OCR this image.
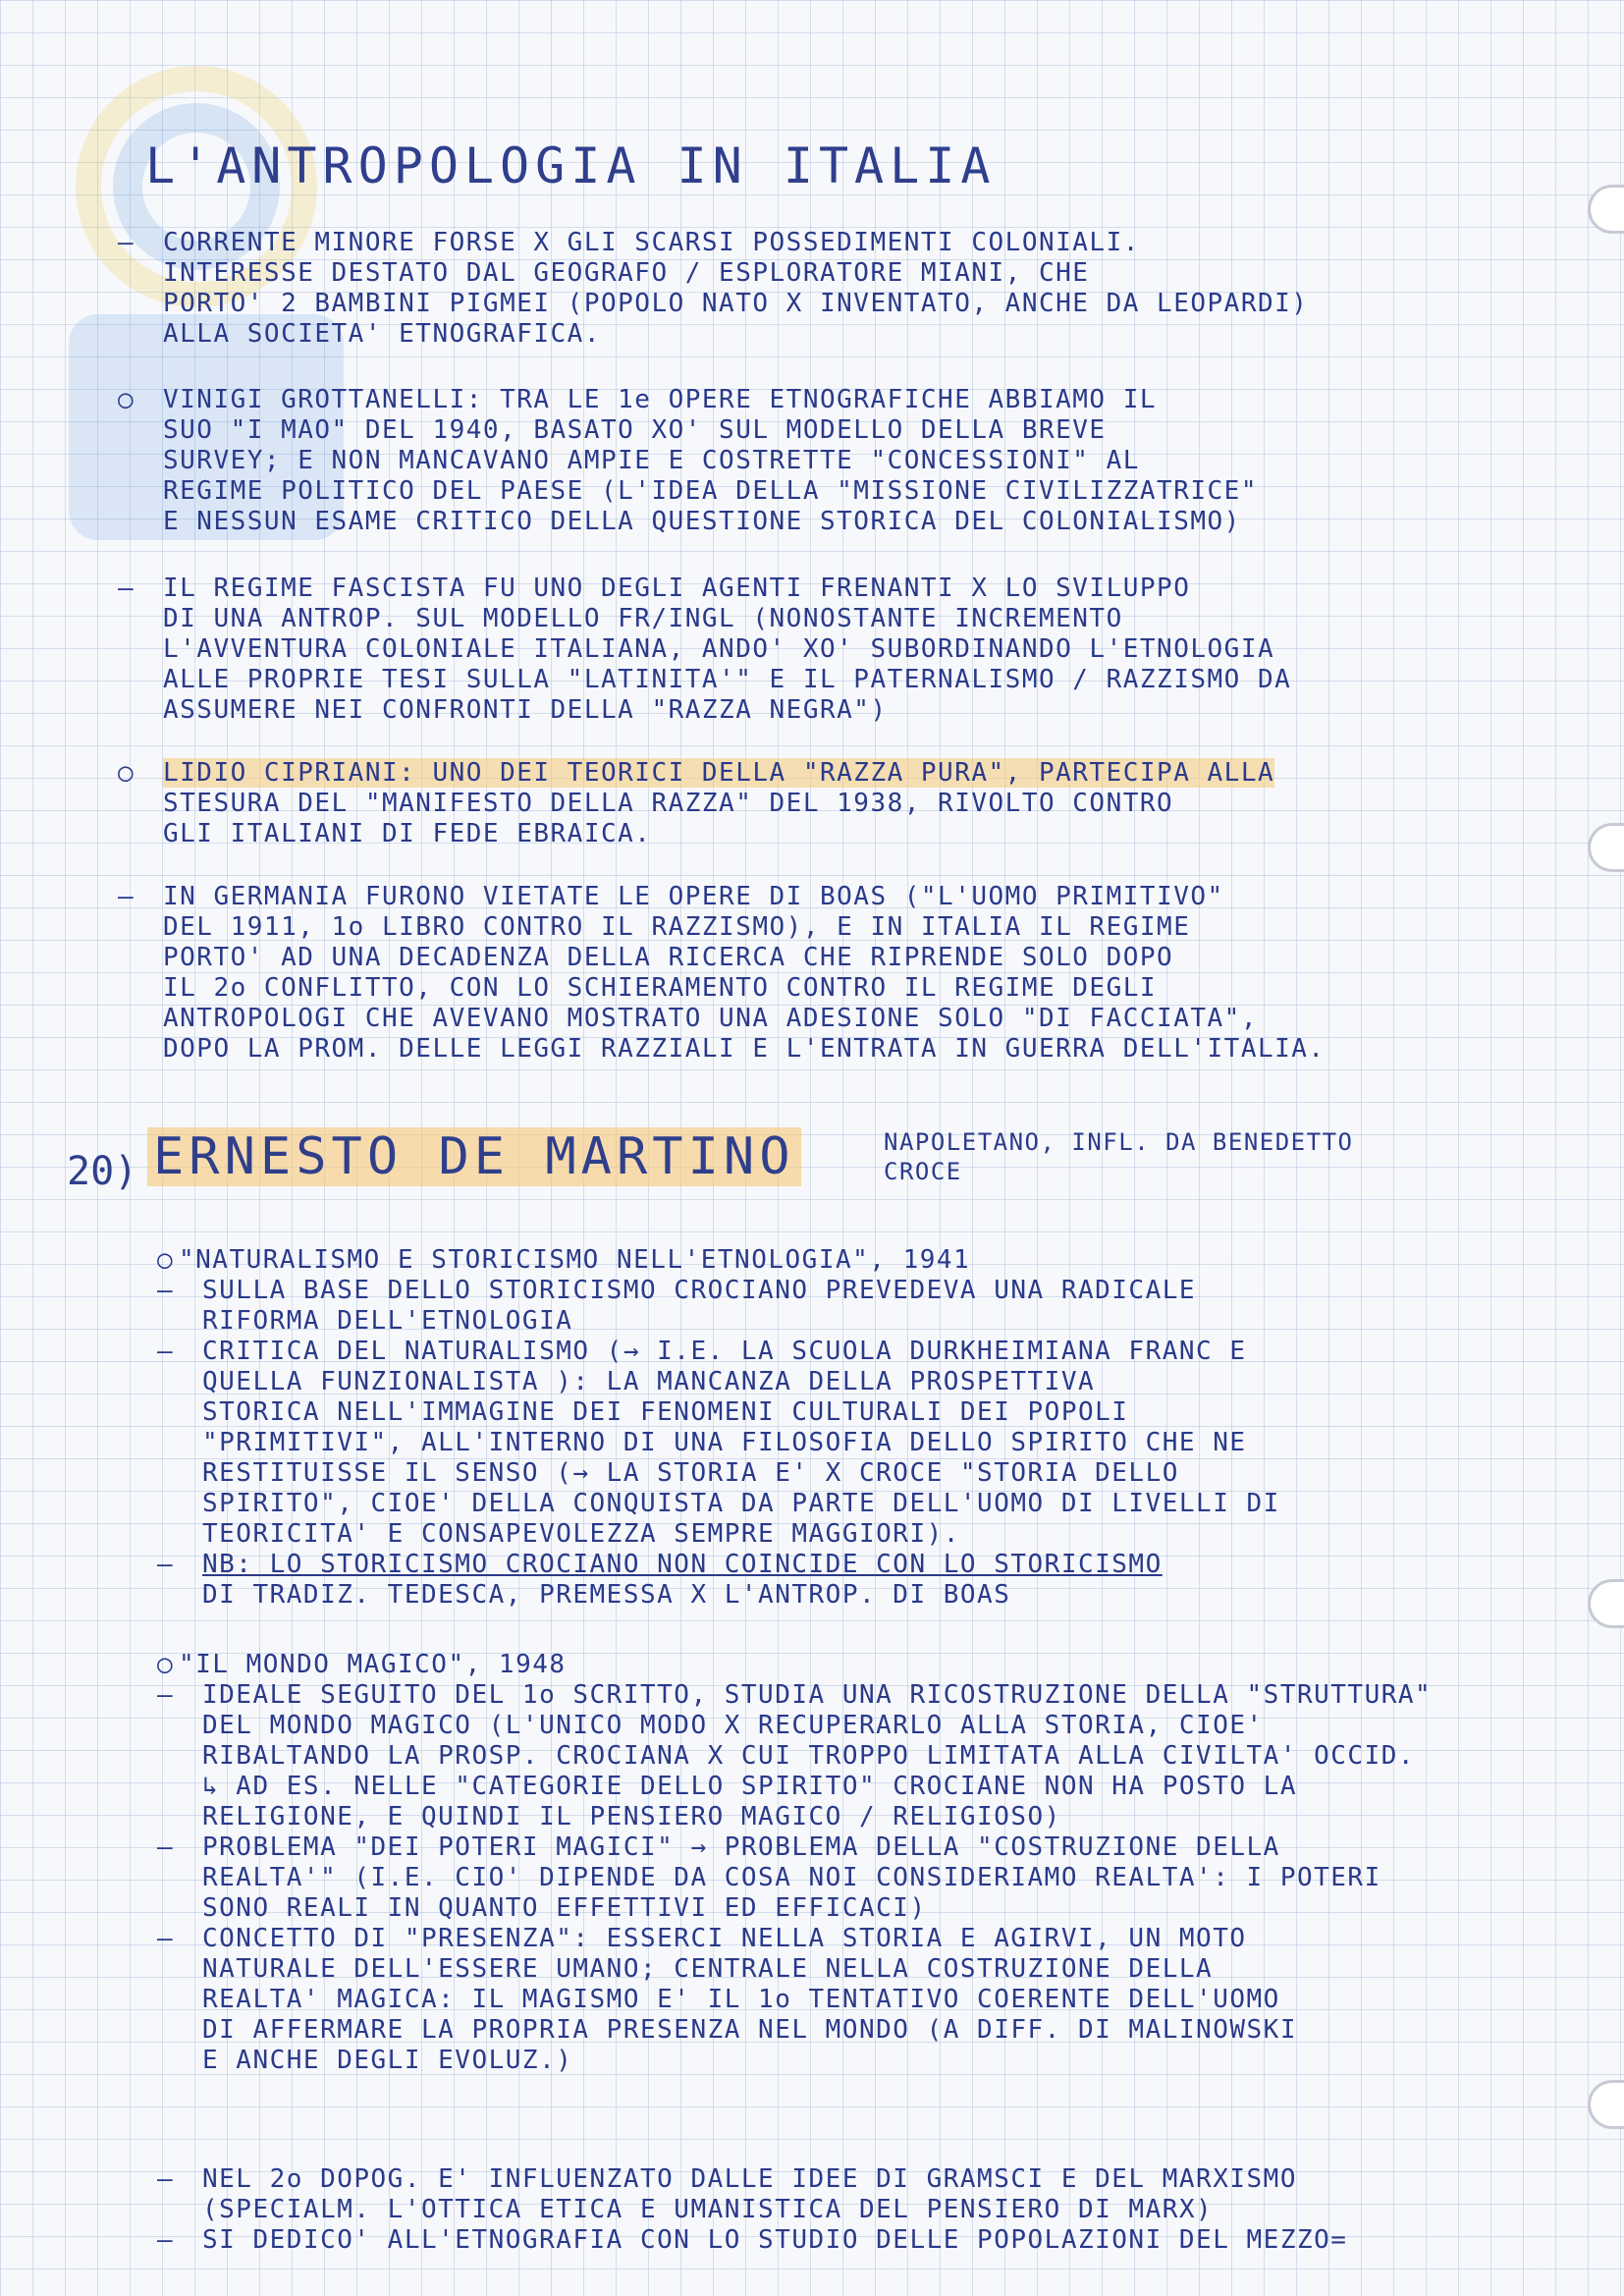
L'ANTROPOLOGIA IN ITALIA
– CORRENTE MINORE FORSE X GLI SCARSI POSSEDIMENTI COLONIALI.
INTERESSE DESTATO DAL GEOGRAFO / ESPLORATORE MIANI, CHE
PORTO' 2 BAMBINI PIGMEI (POPOLO NATO X INVENTATO, ANCHE DA LEOPARDI)
ALLA SOCIETA' ETNOGRAFICA.
○ VINIGI GROTTANELLI: TRA LE 1e OPERE ETNOGRAFICHE ABBIAMO IL
SUO "I MAO" DEL 1940, BASATO XO' SUL MODELLO DELLA BREVE
SURVEY; E NON MANCAVANO AMPIE E COSTRETTE "CONCESSIONI" AL
REGIME POLITICO DEL PAESE (L'IDEA DELLA "MISSIONE CIVILIZZATRICE"
E NESSUN ESAME CRITICO DELLA QUESTIONE STORICA DEL COLONIALISMO)
– IL REGIME FASCISTA FU UNO DEGLI AGENTI FRENANTI X LO SVILUPPO
DI UNA ANTROP. SUL MODELLO FR/INGL (NONOSTANTE INCREMENTO
L'AVVENTURA COLONIALE ITALIANA, ANDO' XO' SUBORDINANDO L'ETNOLOGIA
ALLE PROPRIE TESI SULLA "LATINITA'" E IL PATERNALISMO / RAZZISMO DA
ASSUMERE NEI CONFRONTI DELLA "RAZZA NEGRA")
○ LIDIO CIPRIANI: UNO DEI TEORICI DELLA "RAZZA PURA", PARTECIPA ALLA
STESURA DEL "MANIFESTO DELLA RAZZA" DEL 1938, RIVOLTO CONTRO
GLI ITALIANI DI FEDE EBRAICA.
– IN GERMANIA FURONO VIETATE LE OPERE DI BOAS ("L'UOMO PRIMITIVO"
DEL 1911, 1o LIBRO CONTRO IL RAZZISMO), E IN ITALIA IL REGIME
PORTO' AD UNA DECADENZA DELLA RICERCA CHE RIPRENDE SOLO DOPO
IL 2o CONFLITTO, CON LO SCHIERAMENTO CONTRO IL REGIME DEGLI
ANTROPOLOGI CHE AVEVANO MOSTRATO UNA ADESIONE SOLO "DI FACCIATA",
DOPO LA PROM. DELLE LEGGI RAZZIALI E L'ENTRATA IN GUERRA DELL'ITALIA.
20) ERNESTO DE MARTINO	NAPOLETANO, INFL. DA BENEDETTO
CROCE
○ "NATURALISMO E STORICISMO NELL'ETNOLOGIA", 1941
– SULLA BASE DELLO STORICISMO CROCIANO PREVEDEVA UNA RADICALE
RIFORMA DELL'ETNOLOGIA
– CRITICA DEL NATURALISMO (→ I.E. LA SCUOLA DURKHEIMIANA FRANC E
QUELLA FUNZIONALISTA ): LA MANCANZA DELLA PROSPETTIVA
STORICA NELL'IMMAGINE DEI FENOMENI CULTURALI DEI POPOLI
"PRIMITIVI", ALL'INTERNO DI UNA FILOSOFIA DELLO SPIRITO CHE NE
RESTITUISSE IL SENSO (→ LA STORIA E' X CROCE "STORIA DELLO
SPIRITO", CIOE' DELLA CONQUISTA DA PARTE DELL'UOMO DI LIVELLI DI
TEORICITA' E CONSAPEVOLEZZA SEMPRE MAGGIORI).
– NB: LO STORICISMO CROCIANO NON COINCIDE CON LO STORICISMO
DI TRADIZ. TEDESCA, PREMESSA X L'ANTROP. DI BOAS
○ "IL MONDO MAGICO", 1948
– IDEALE SEGUITO DEL 1o SCRITTO, STUDIA UNA RICOSTRUZIONE DELLA "STRUTTURA"
DEL MONDO MAGICO (L'UNICO MODO X RECUPERARLO ALLA STORIA, CIOE'
RIBALTANDO LA PROSP. CROCIANA X CUI TROPPO LIMITATA ALLA CIVILTA' OCCID.
↳ AD ES. NELLE "CATEGORIE DELLO SPIRITO" CROCIANE NON HA POSTO LA
RELIGIONE, E QUINDI IL PENSIERO MAGICO / RELIGIOSO)
– PROBLEMA "DEI POTERI MAGICI" → PROBLEMA DELLA "COSTRUZIONE DELLA
REALTA'" (I.E. CIO' DIPENDE DA COSA NOI CONSIDERIAMO REALTA': I POTERI
SONO REALI IN QUANTO EFFETTIVI ED EFFICACI)
– CONCETTO DI "PRESENZA": ESSERCI NELLA STORIA E AGIRVI, UN MOTO
NATURALE DELL'ESSERE UMANO; CENTRALE NELLA COSTRUZIONE DELLA
REALTA' MAGICA: IL MAGISMO E' IL 1o TENTATIVO COERENTE DELL'UOMO
DI AFFERMARE LA PROPRIA PRESENZA NEL MONDO (A DIFF. DI MALINOWSKI
E ANCHE DEGLI EVOLUZ.)
– NEL 2o DOPOG. E' INFLUENZATO DALLE IDEE DI GRAMSCI E DEL MARXISMO
(SPECIALM. L'OTTICA ETICA E UMANISTICA DEL PENSIERO DI MARX)
– SI DEDICO' ALL'ETNOGRAFIA CON LO STUDIO DELLE POPOLAZIONI DEL MEZZO=
